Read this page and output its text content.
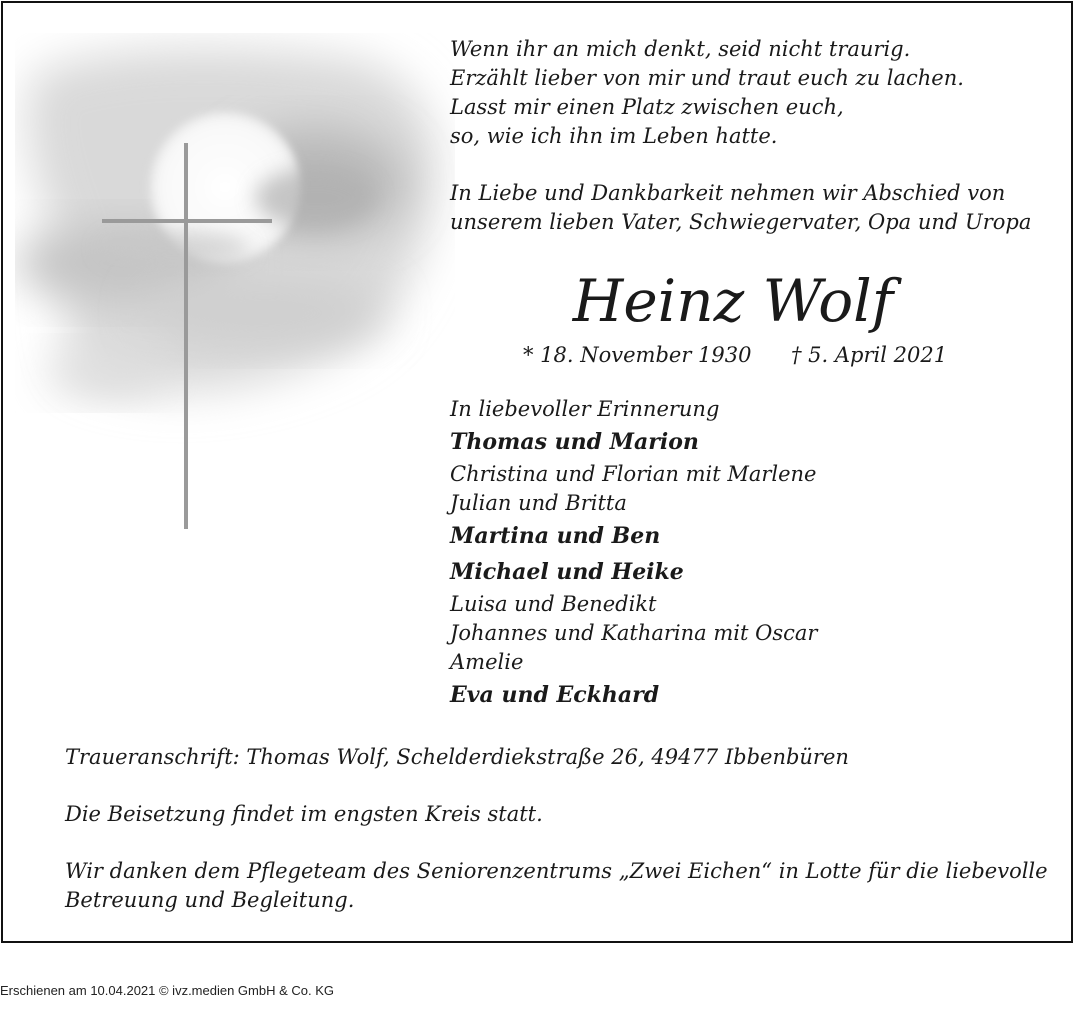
Wenn ihr an mich denkt, seid nicht traurig.
Erzählt lieber von mir und traut euch zu lachen.
Lasst mir einen Platz zwischen euch,
so, wie ich ihn im Leben hatte.
In Liebe und Dankbarkeit nehmen wir Abschied von
unserem lieben Vater, Schwiegervater, Opa und Uropa
Heinz Wolf
* 18. November 1930 † 5. April 2021
In liebevoller Erinnerung
Thomas und Marion
Christina und Florian mit Marlene
Julian und Britta
Martina und Ben
Michael und Heike
Luisa und Benedikt
Johannes und Katharina mit Oscar
Amelie
Eva und Eckhard
Traueranschrift: Thomas Wolf, Schelderdiekstraße 26, 49477 Ibbenbüren
Die Beisetzung findet im engsten Kreis statt.
Wir danken dem Pflegeteam des Seniorenzentrums „Zwei Eichen“ in Lotte für die liebevolle
Betreuung und Begleitung.
Erschienen am 10.04.2021 © ivz.medien GmbH & Co. KG
